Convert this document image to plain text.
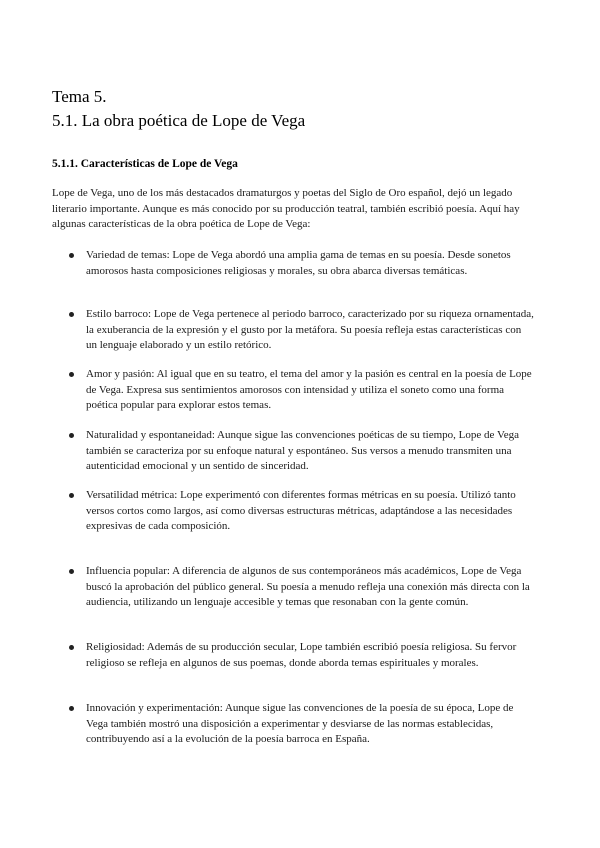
Tema 5.
5.1. La obra poética de Lope de Vega
5.1.1. Características de Lope de Vega

Lope de Vega, uno de los más destacados dramaturgos y poetas del Siglo de Oro español, dejó un legado literario importante. Aunque es más conocido por su producción teatral, también escribió poesía. Aquí hay algunas características de la obra poética de Lope de Vega:

Variedad de temas: Lope de Vega abordó una amplia gama de temas en su poesía. Desde sonetos amorosos hasta composiciones religiosas y morales, su obra abarca diversas temáticas.
Estilo barroco: Lope de Vega pertenece al periodo barroco, caracterizado por su riqueza ornamentada, la exuberancia de la expresión y el gusto por la metáfora. Su poesía refleja estas características con un lenguaje elaborado y un estilo retórico.
Amor y pasión: Al igual que en su teatro, el tema del amor y la pasión es central en la poesía de Lope de Vega. Expresa sus sentimientos amorosos con intensidad y utiliza el soneto como una forma poética popular para explorar estos temas.
Naturalidad y espontaneidad: Aunque sigue las convenciones poéticas de su tiempo, Lope de Vega también se caracteriza por su enfoque natural y espontáneo. Sus versos a menudo transmiten una autenticidad emocional y un sentido de sinceridad.
Versatilidad métrica: Lope experimentó con diferentes formas métricas en su poesía. Utilizó tanto versos cortos como largos, así como diversas estructuras métricas, adaptándose a las necesidades expresivas de cada composición.
Influencia popular: A diferencia de algunos de sus contemporáneos más académicos, Lope de Vega buscó la aprobación del público general. Su poesía a menudo refleja una conexión más directa con la audiencia, utilizando un lenguaje accesible y temas que resonaban con la gente común.
Religiosidad: Además de su producción secular, Lope también escribió poesía religiosa. Su fervor religioso se refleja en algunos de sus poemas, donde aborda temas espirituales y morales.
Innovación y experimentación: Aunque sigue las convenciones de la poesía de su época, Lope de Vega también mostró una disposición a experimentar y desviarse de las normas establecidas, contribuyendo así a la evolución de la poesía barroca en España.
